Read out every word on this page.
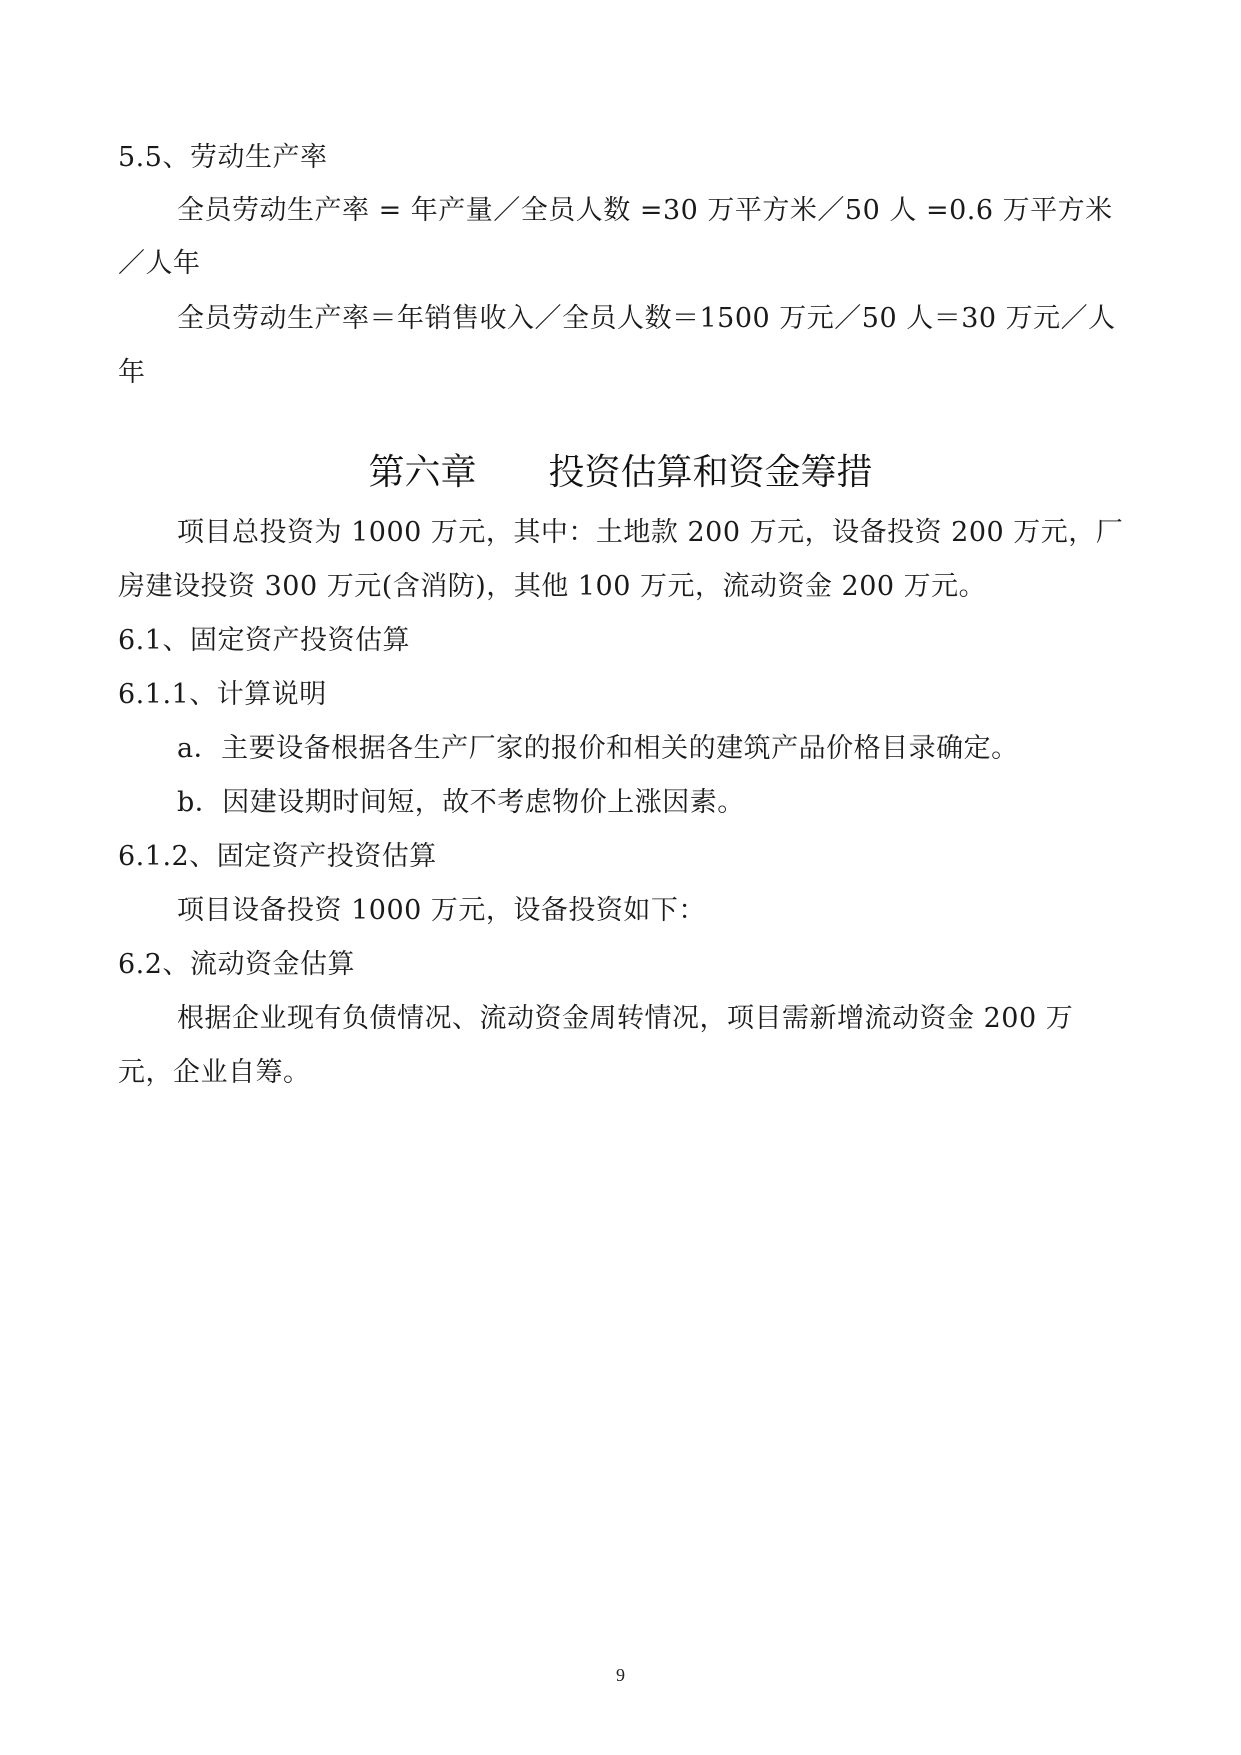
5.5、劳动生产率
全员劳动生产率 = 年产量／全员人数 =30 万平方米／50 人 =0.6 万平方米
／人年
全员劳动生产率＝年销售收入／全员人数＝1500 万元／50 人＝30 万元／人
年
第六章　　投资估算和资金筹措
项目总投资为 1000 万元，其中：土地款 200 万元，设备投资 200 万元，厂
房建设投资 300 万元(含消防)，其他 100 万元，流动资金 200 万元。
6.1、固定资产投资估算
6.1.1、计算说明
a．主要设备根据各生产厂家的报价和相关的建筑产品价格目录确定。
b．因建设期时间短，故不考虑物价上涨因素。
6.1.2、固定资产投资估算
项目设备投资 1000 万元，设备投资如下：
6.2、流动资金估算
根据企业现有负债情况、流动资金周转情况，项目需新增流动资金 200 万
元，企业自筹。
9
